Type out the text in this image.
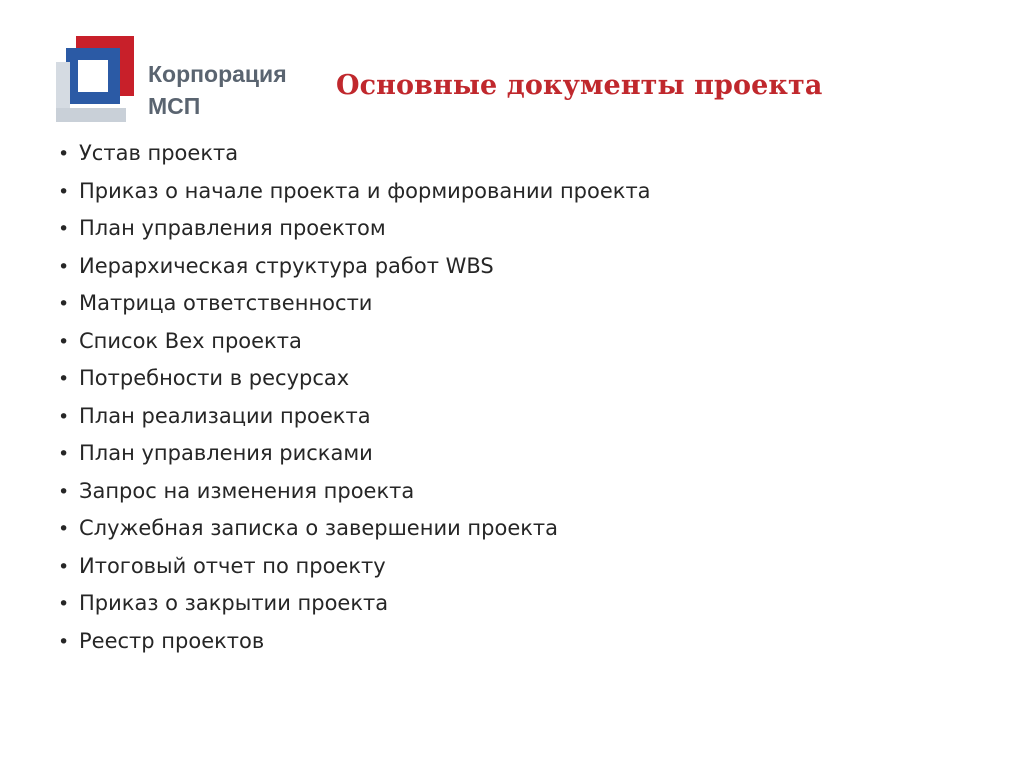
Корпорация
МСП
Основные документы проекта
• Устав проекта
• Приказ о начале проекта и формировании проекта
• План управления проектом
• Иерархическая структура работ WBS
• Матрица ответственности
• Список Вех проекта
• Потребности в ресурсах
• План реализации проекта
• План управления рисками
• Запрос на изменения проекта
• Служебная записка о завершении проекта
• Итоговый отчет по проекту
• Приказ о закрытии проекта
• Реестр проектов
